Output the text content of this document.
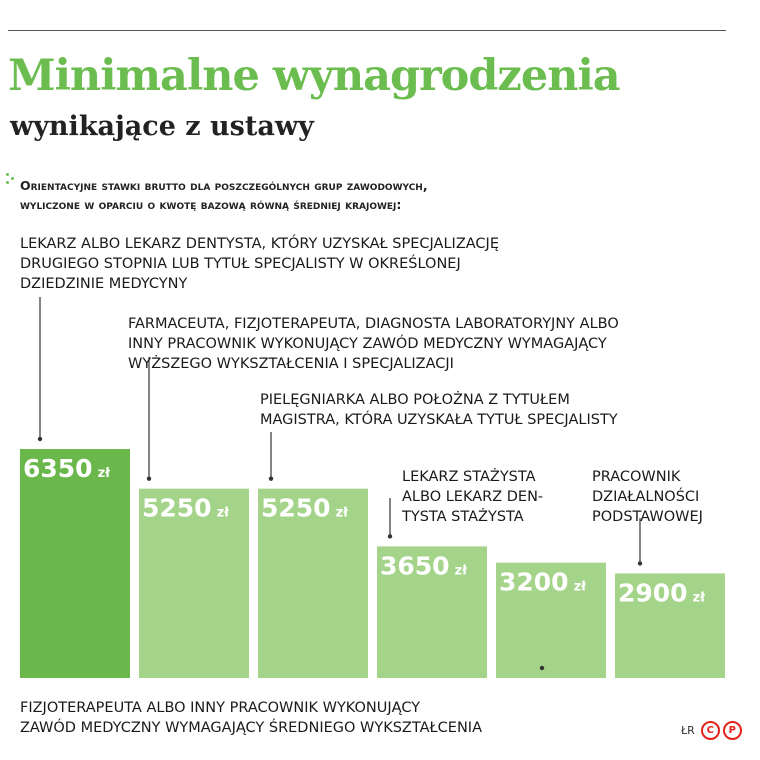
Minimalne wynagrodzenia
wynikające z ustawy

Orientacyjne stawki brutto dla poszczególnych grup zawodowych,
wyliczone w oparciu o kwotę bazową równą średniej krajowej:

6350 zł
LEKARZ ALBO LEKARZ DENTYSTA, KTÓRY UZYSKAŁ SPECJALIZACJĘ DRUGIEGO STOPNIA LUB TYTUŁ SPECJALISTY W OKREŚLONEJ DZIEDZINIE MEDYCYNY
5250 zł
FARMACEUTA, FIZJOTERAPEUTA, DIAGNOSTA LABORATORYJNY ALBO INNY PRACOWNIK WYKONUJĄCY ZAWÓD MEDYCZNY WYMAGAJĄCY WYŻSZEGO WYKSZTAŁCENIA I SPECJALIZACJI
5250 zł
PIELĘGNIARKA ALBO POŁOŻNA Z TYTUŁEM MAGISTRA, KTÓRA UZYSKAŁA TYTUŁ SPECJALISTY
3650 zł
LEKARZ STAŻYSTA ALBO LEKARZ DEN-TYSTA STAŻYSTA
3200 zł
FIZJOTERAPEUTA ALBO INNY PRACOWNIK WYKONUJĄCY ZAWÓD MEDYCZNY WYMAGAJĄCY ŚREDNIEGO WYKSZTAŁCENIA
2900 zł
PRACOWNIK DZIAŁALNOŚCI PODSTAWOWEJ
ŁR	C	P
